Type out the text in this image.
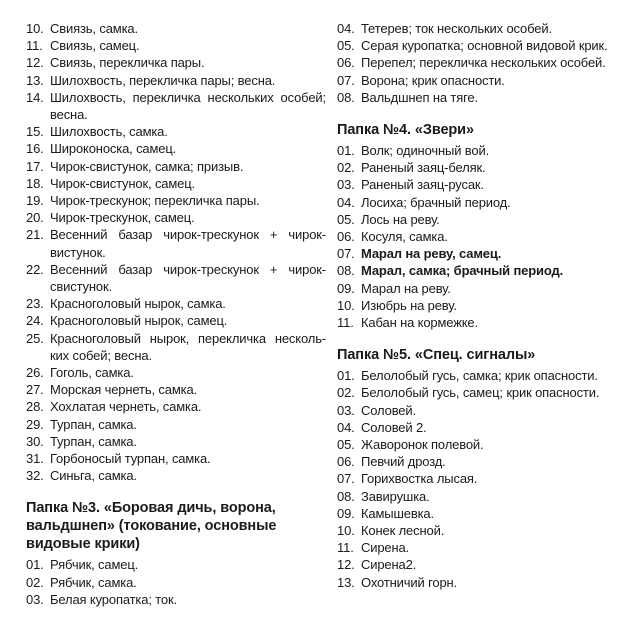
10. Свиязь, самка.
11. Свиязь, самец.
12. Свиязь, перекличка пары.
13. Шилохвость, перекличка пары; весна.
14. Шилохвость, перекличка нескольких особей;
весна.
15. Шилохвость, самка.
16. Широконоска, самец.
17. Чирок-свистунок, самка; призыв.
18. Чирок-свистунок, самец.
19. Чирок-трескунок; перекличка пары.
20. Чирок-трескунок, самец.
21. Весенний базар чирок-трескунок + чирок-
вистунок.
22. Весенний базар чирок-трескунок + чирок-
свистунок.
23. Красноголовый нырок, самка.
24. Красноголовый нырок, самец.
25. Красноголовый нырок, перекличка несколь-
ких собей; весна.
26. Гоголь, самка.
27. Морская чернеть, самка.
28. Хохлатая чернеть, самка.
29. Турпан, самка.
30. Турпан, самка.
31. Горбоносый турпан, самка.
32. Синьга, самка.
Папка №3. «Боровая дичь, ворона,
вальдшнеп» (токование, основные
видовые крики)
01. Рябчик, самец.
02. Рябчик, самка.
03. Белая куропатка; ток.
04. Тетерев; ток нескольких особей.
05. Серая куропатка; основной видовой крик.
06. Перепел; перекличка нескольких особей.
07. Ворона; крик опасности.
08. Вальдшнеп на тяге.
Папка №4. «Звери»
01. Волк; одиночный вой.
02. Раненый заяц-беляк.
03. Раненый заяц-русак.
04. Лосиха; брачный период.
05. Лось на реву.
06. Косуля, самка.
07. Марал на реву, самец.
08. Марал, самка; брачный период.
09. Марал на реву.
10. Изюбрь на реву.
11. Кабан на кормежке.
Папка №5. «Спец. сигналы»
01. Белолобый гусь, самка; крик опасности.
02. Белолобый гусь, самец; крик опасности.
03. Соловей.
04. Соловей 2.
05. Жаворонок полевой.
06. Певчий дрозд.
07. Горихвостка лысая.
08. Завирушка.
09. Камышевка.
10. Конек лесной.
11. Сирена.
12. Сирена2.
13. Охотничий горн.
